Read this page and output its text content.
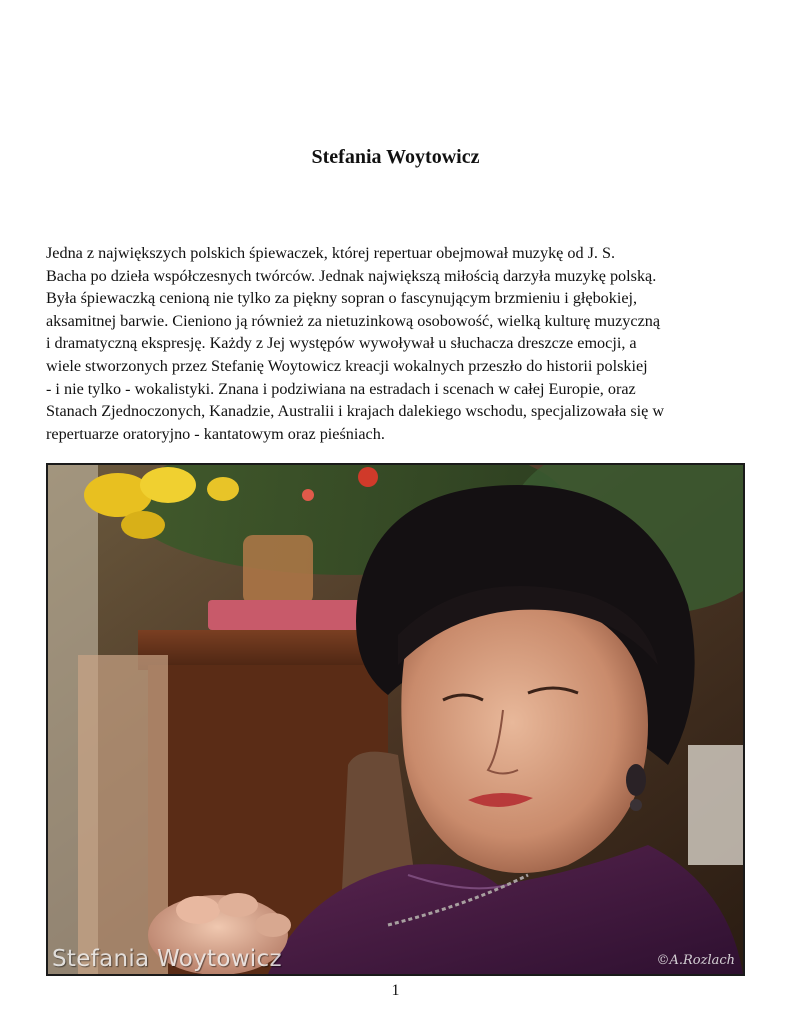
Stefania Woytowicz

Jedna z największych polskich śpiewaczek, której repertuar obejmował muzykę od J. S.
Bacha po dzieła współczesnych twórców. Jednak największą miłością darzyła muzykę polską.
Była śpiewaczką cenioną nie tylko za piękny sopran o fascynującym brzmieniu i głębokiej,
aksamitnej barwie. Cieniono ją również za nietuzinkową osobowość, wielką kulturę muzyczną
i dramatyczną ekspresję. Każdy z Jej występów wywoływał u słuchacza dreszcze emocji, a
wiele stworzonych przez Stefanię Woytowicz kreacji wokalnych przeszło do historii polskiej
- i nie tylko - wokalistyki. Znana i podziwiana na estradach i scenach w całej Europie, oraz
Stanach Zjednoczonych, Kanadzie, Australii i krajach dalekiego wschodu, specjalizowała się w
repertuarze oratoryjno - kantatowym oraz pieśniach.

Stefania Woytowicz	©A.Rozlach
1
